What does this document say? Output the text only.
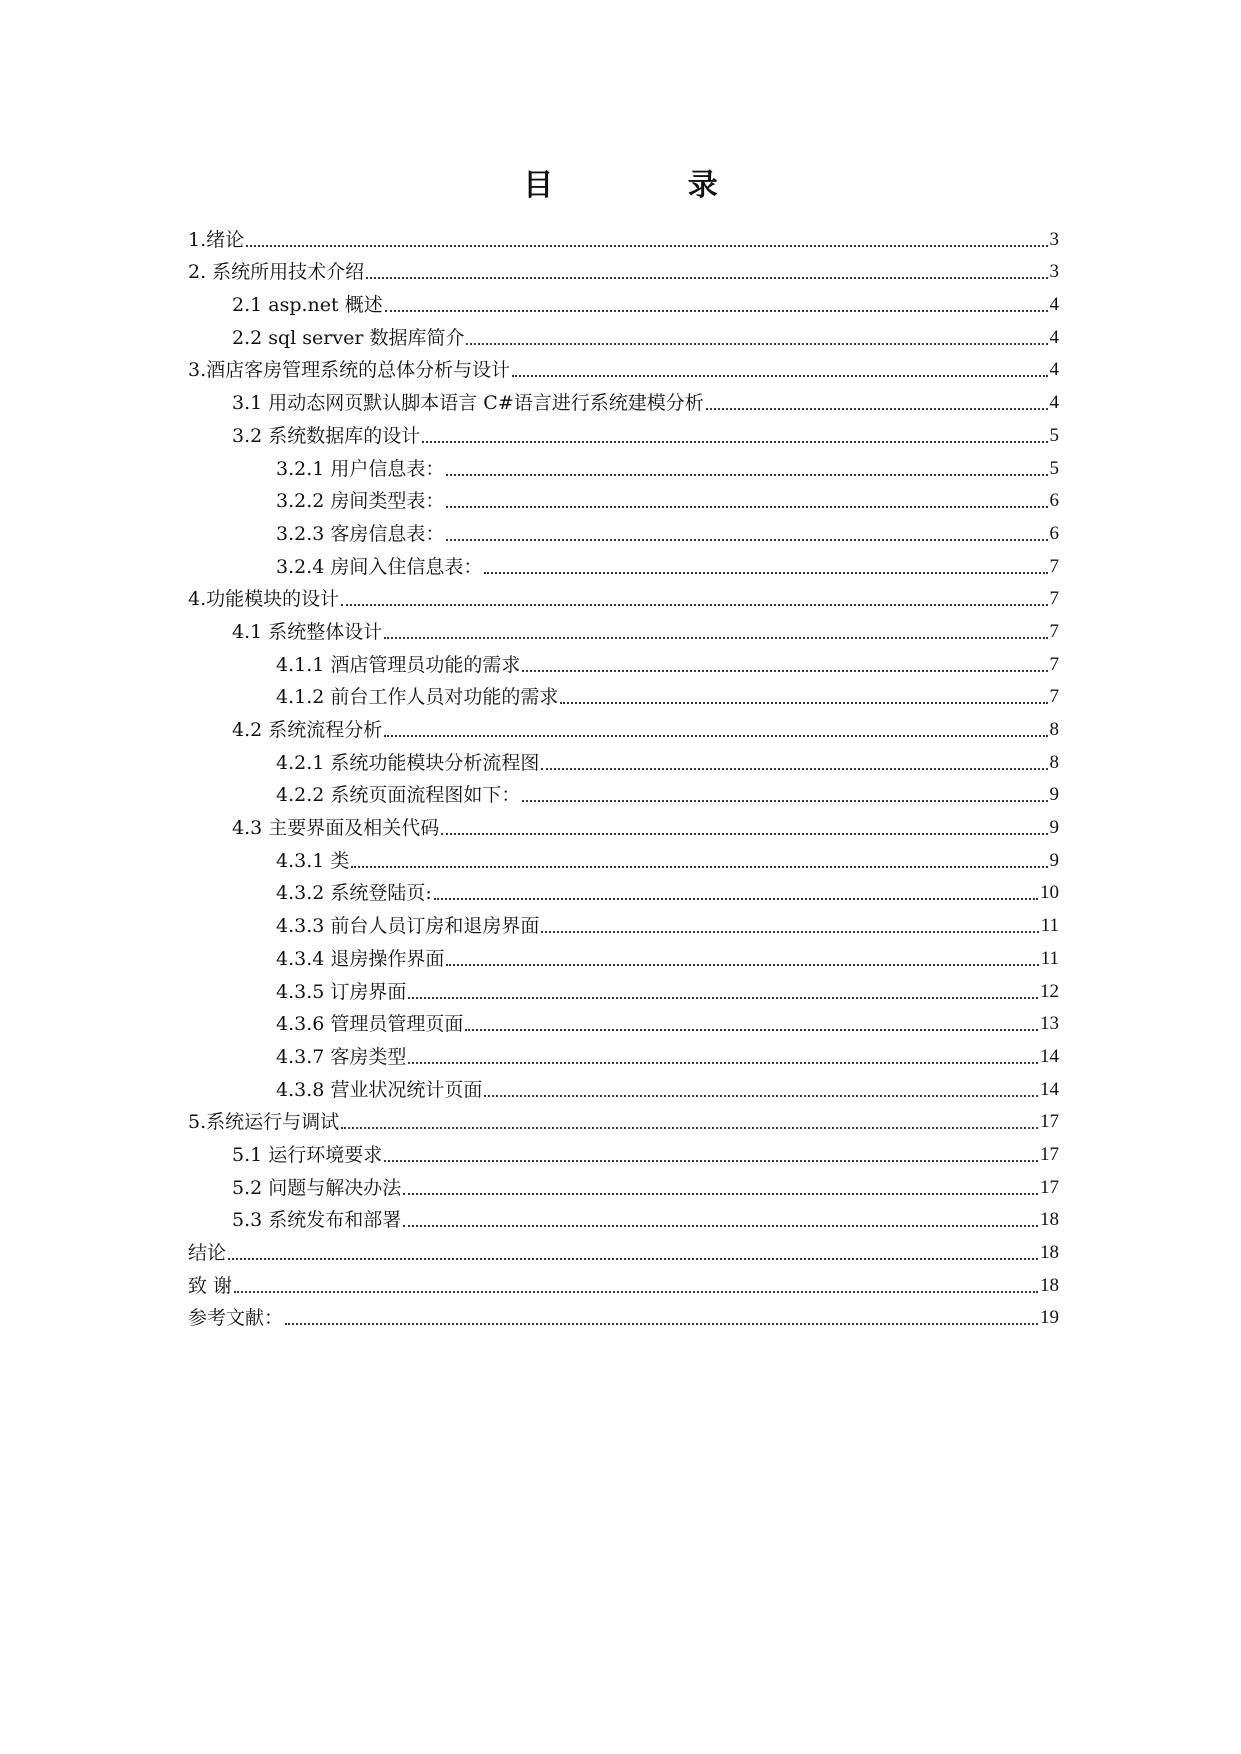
目 录
1.绪论	3
2. 系统所用技术介绍	3
2.1 asp.net 概述	4
2.2 sql server 数据库简介	4
3.酒店客房管理系统的总体分析与设计	4
3.1 用动态网页默认脚本语言 C#语言进行系统建模分析	4
3.2 系统数据库的设计	5
3.2.1 用户信息表：	5
3.2.2 房间类型表：	6
3.2.3 客房信息表：	6
3.2.4 房间入住信息表：	7
4.功能模块的设计	7
4.1 系统整体设计	7
4.1.1 酒店管理员功能的需求	7
4.1.2 前台工作人员对功能的需求	7
4.2 系统流程分析	8
4.2.1 系统功能模块分析流程图	8
4.2.2 系统页面流程图如下：	9
4.3 主要界面及相关代码	9
4.3.1 类	9
4.3.2 系统登陆页:	10
4.3.3 前台人员订房和退房界面	11
4.3.4 退房操作界面	11
4.3.5 订房界面	12
4.3.6 管理员管理页面	13
4.3.7 客房类型	14
4.3.8 营业状况统计页面	14
5.系统运行与调试	17
5.1 运行环境要求	17
5.2 问题与解决办法	17
5.3 系统发布和部署	18
结论	18
致 谢	18
参考文献：	19
